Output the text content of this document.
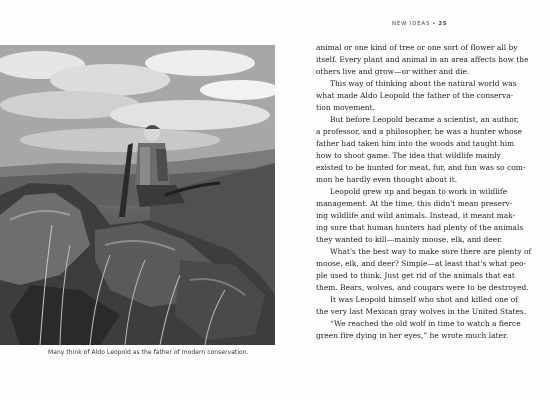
Many think of Aldo Leopold as the father of modern conservation.
NEW IDEAS • 25
animal or one kind of tree or one sort of flower all by
itself. Every plant and animal in an area affects how the
others live and grow—or wither and die.
This way of thinking about the natural world was
what made Aldo Leopold the father of the conserva-
tion movement.
But before Leopold became a scientist, an author,
a professor, and a philosopher, he was a hunter whose
father had taken him into the woods and taught him
how to shoot game. The idea that wildlife mainly
existed to be hunted for meat, fur, and fun was so com-
mon he hardly even thought about it.
Leopold grew up and began to work in wildlife
management. At the time, this didn't mean preserv-
ing wildlife and wild animals. Instead, it meant mak-
ing sure that human hunters had plenty of the animals
they wanted to kill—mainly moose, elk, and deer.
What's the best way to make sure there are plenty of
moose, elk, and deer? Simple—at least that's what peo-
ple used to think. Just get rid of the animals that eat
them. Bears, wolves, and cougars were to be destroyed.
It was Leopold himself who shot and killed one of
the very last Mexican gray wolves in the United States.
“We reached the old wolf in time to watch a fierce
green fire dying in her eyes,” he wrote much later.
